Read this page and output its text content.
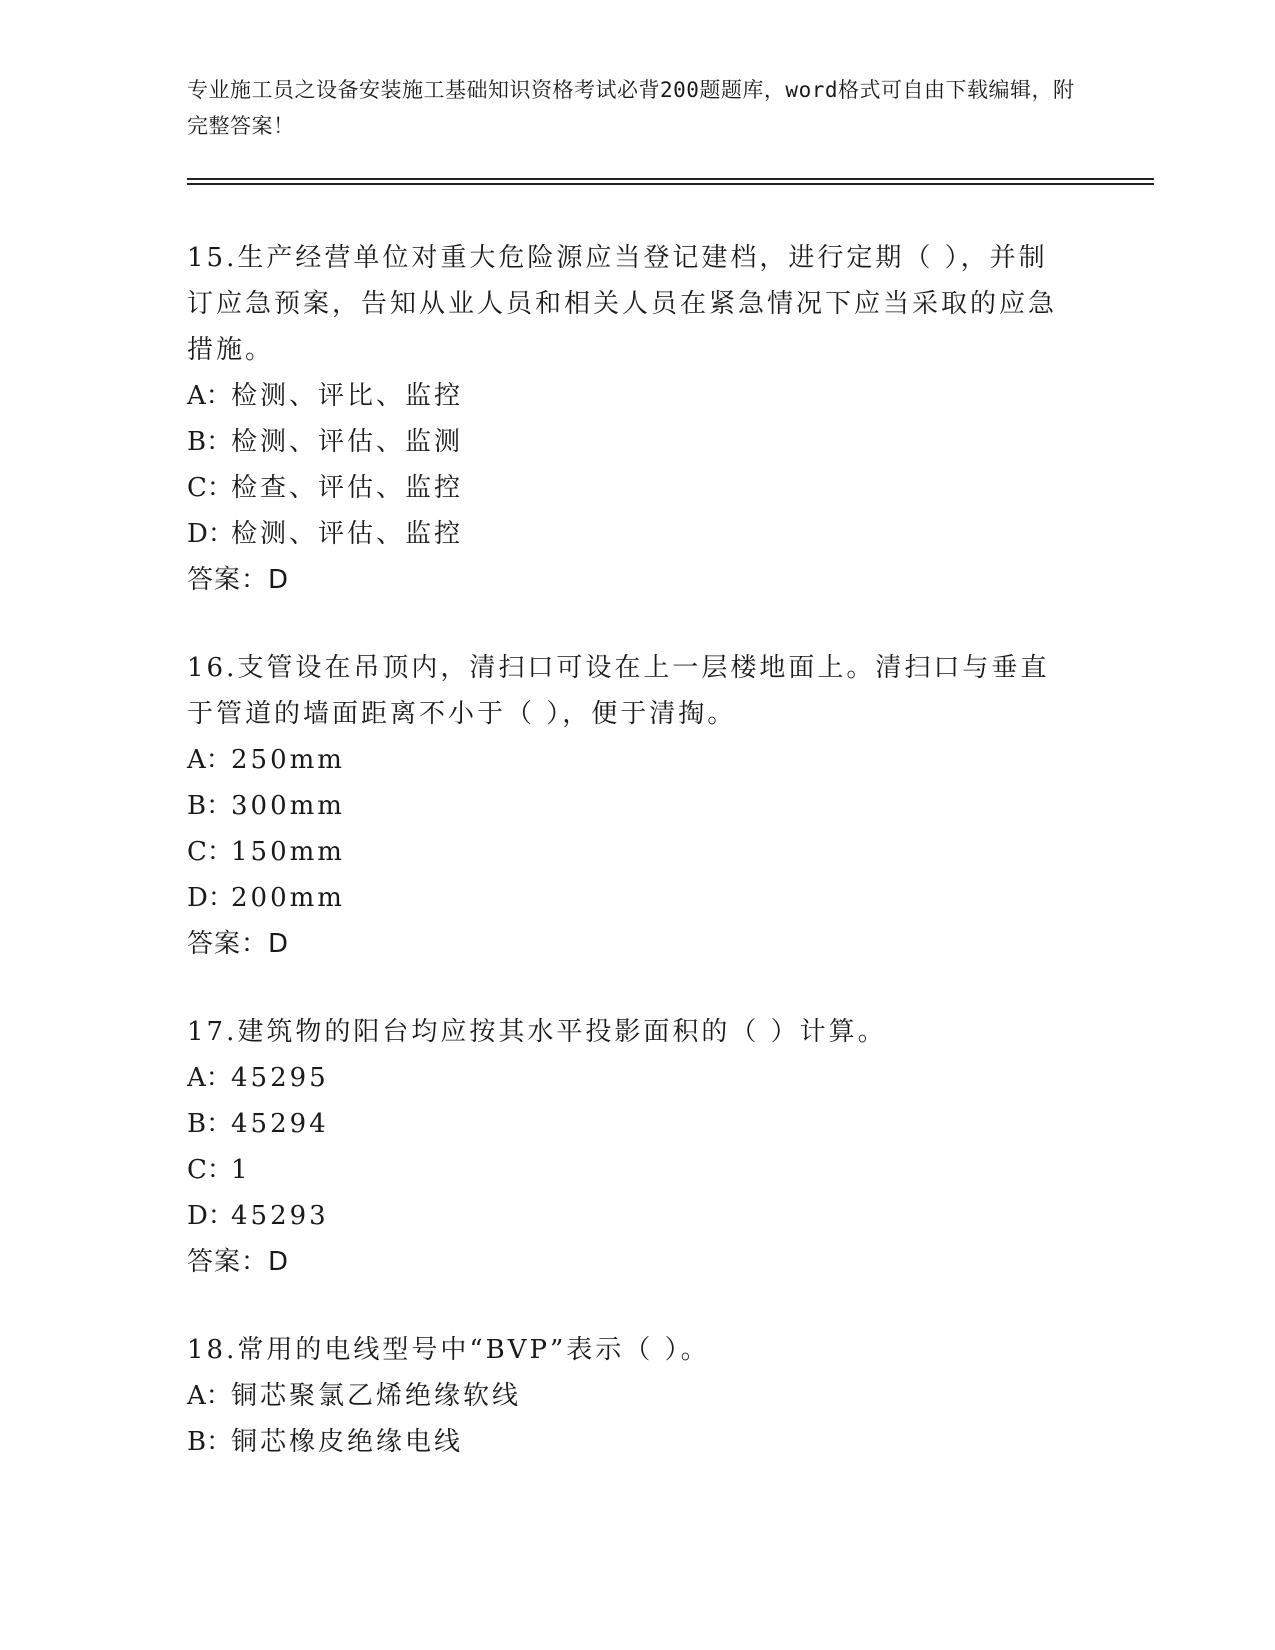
专业施工员之设备安装施工基础知识资格考试必背200题题库，word格式可自由下载编辑，附完整答案！

15.生产经营单位对重大危险源应当登记建档，进行定期（ ），并制订应急预案，告知从业人员和相关人员在紧急情况下应当采取的应急措施。

A：检测、评比、监控

B：检测、评估、监测

C：检查、评估、监控

D：检测、评估、监控

答案：D

16.支管设在吊顶内，清扫口可设在上一层楼地面上。清扫口与垂直于管道的墙面距离不小于（ ），便于清掏。

A：250mm

B：300mm

C：150mm

D：200mm

答案：D

17.建筑物的阳台均应按其水平投影面积的（ ）计算。

A：45295

B：45294

C：1

D：45293

答案：D

18.常用的电线型号中“BVP”表示（ ）。

A：铜芯聚氯乙烯绝缘软线

B：铜芯橡皮绝缘电线
